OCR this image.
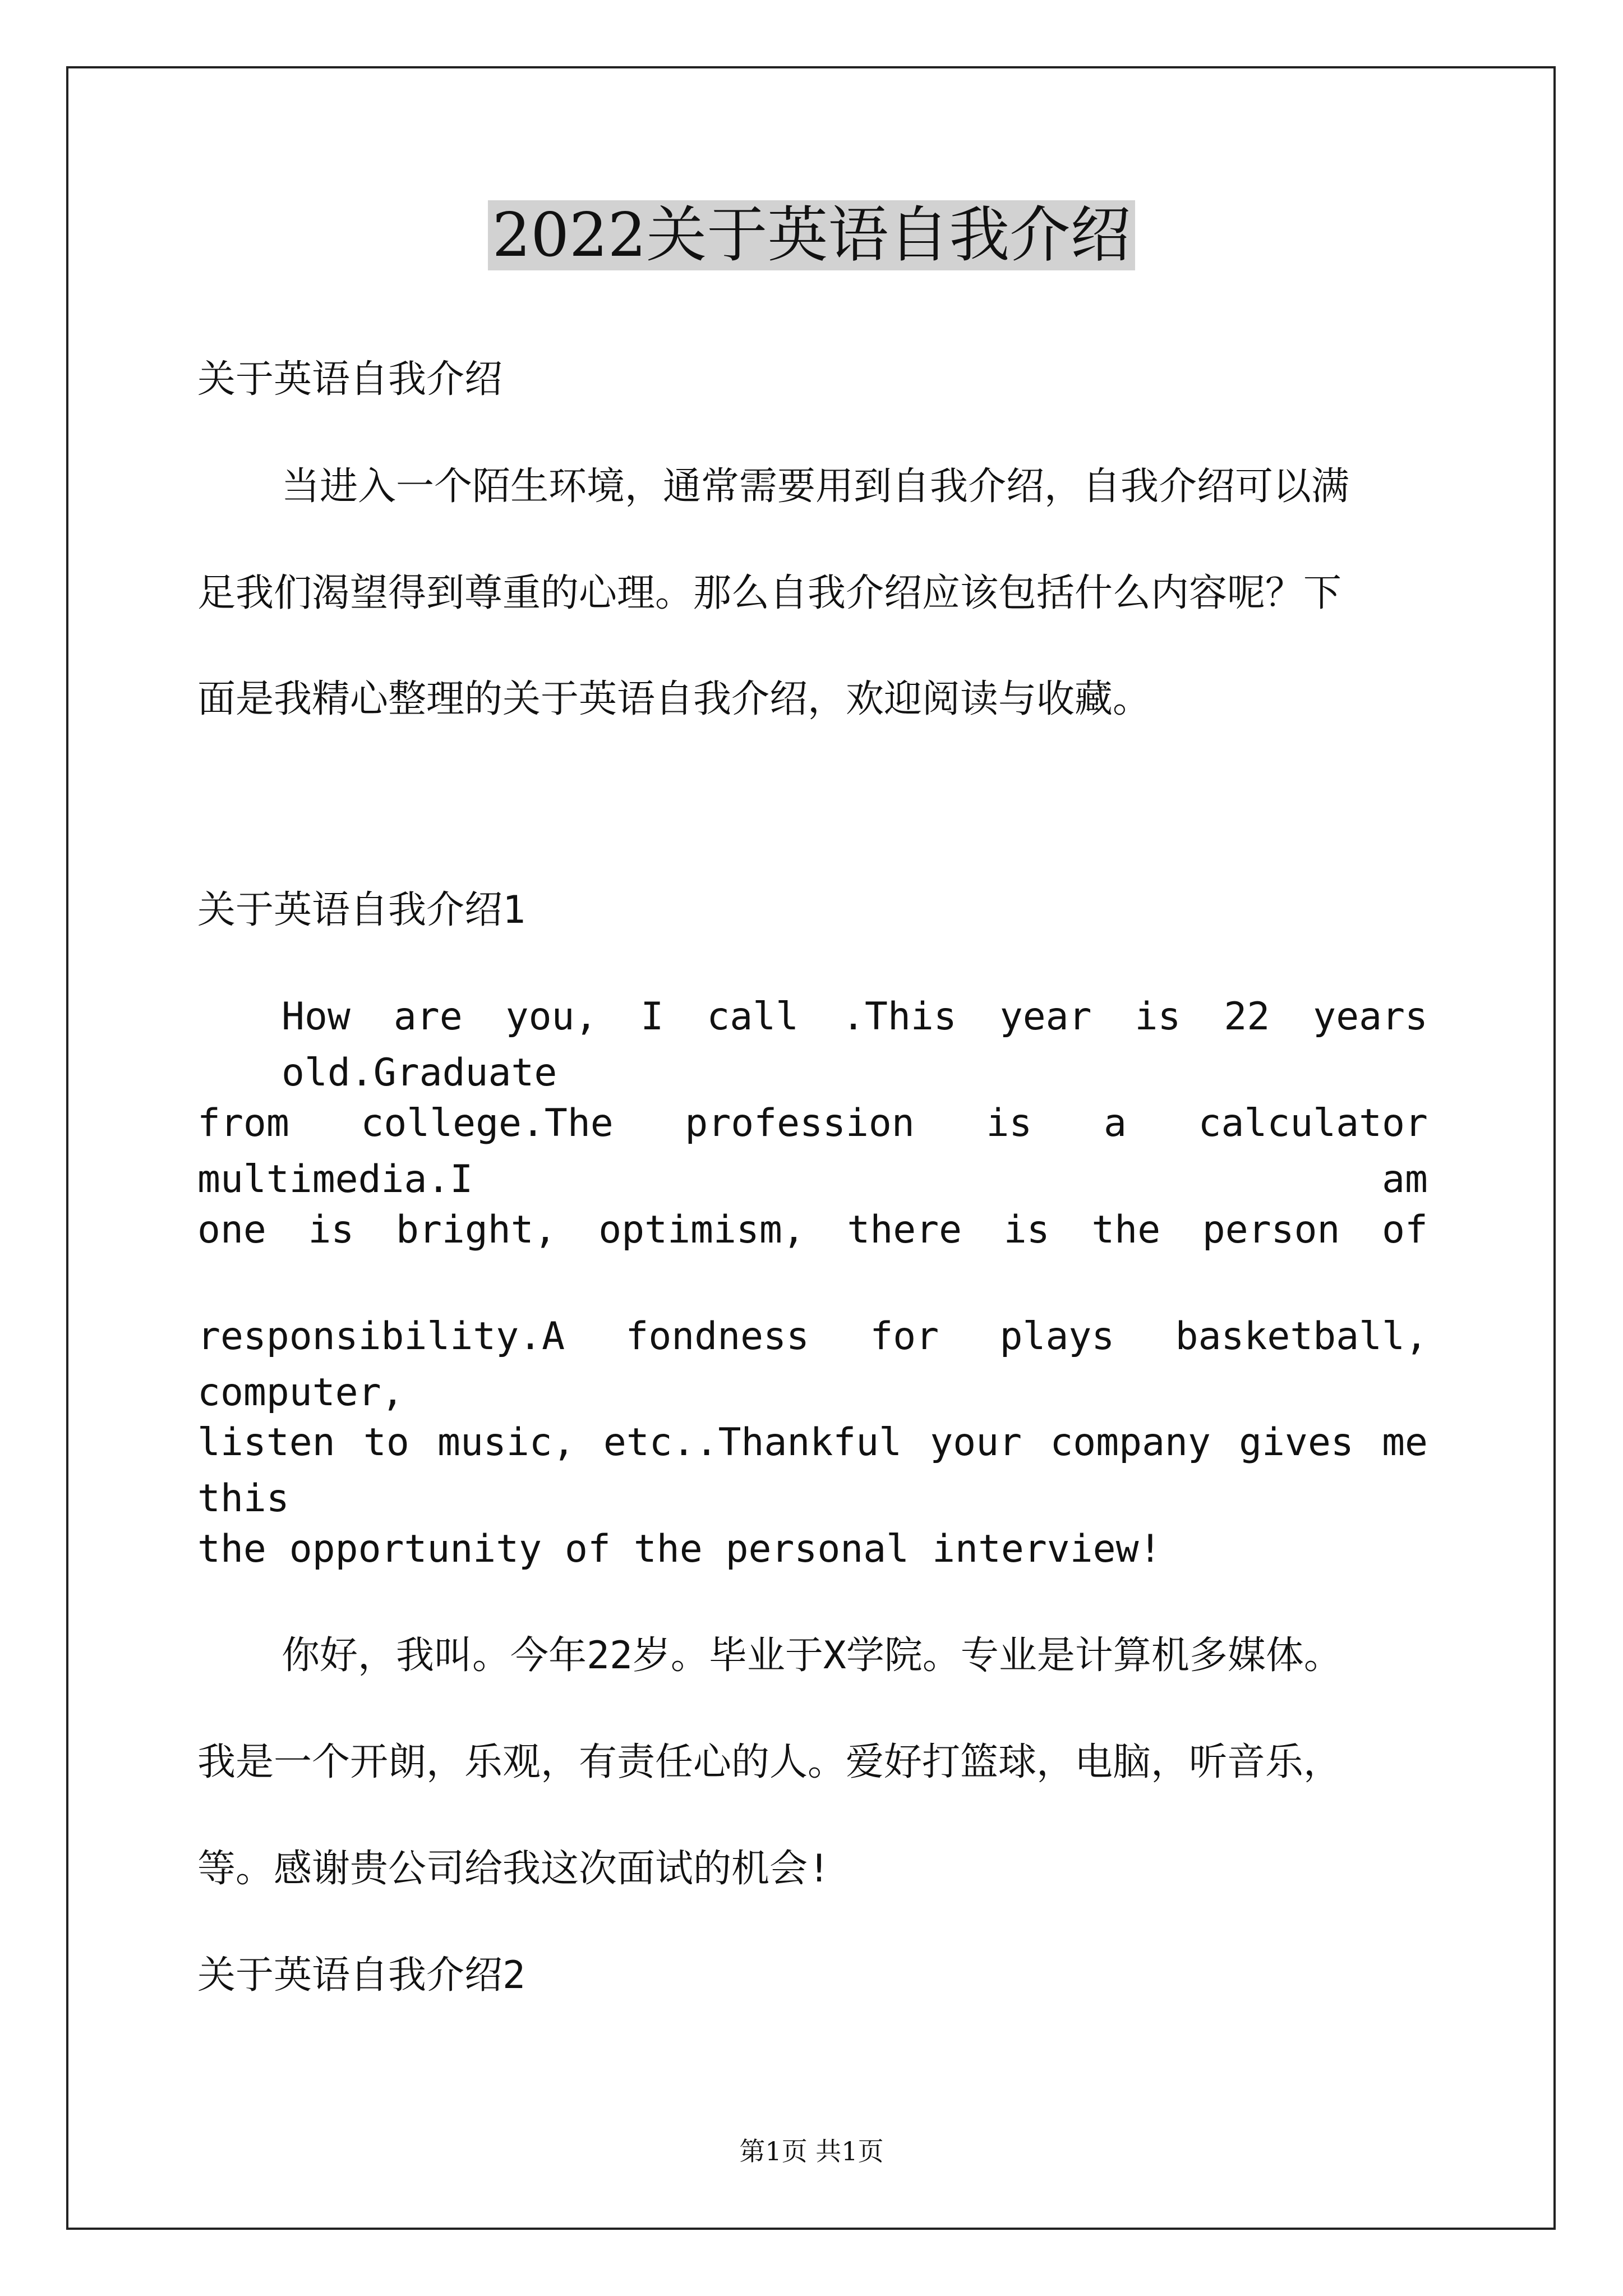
2022关于英语自我介绍
关于英语自我介绍
当进入一个陌生环境，通常需要用到自我介绍，自我介绍可以满
足我们渴望得到尊重的心理。那么自我介绍应该包括什么内容呢？下
面是我精心整理的关于英语自我介绍，欢迎阅读与收藏。
关于英语自我介绍1
How are you, I call .This year is 22 years old.Graduate
from college.The profession is a calculator multimedia.I am
one is bright, optimism, there is the person of
responsibility.A fondness for plays basketball, computer,
listen to music, etc..Thankful your company gives me this
the opportunity of the personal interview!
你好，我叫。今年22岁。毕业于X学院。专业是计算机多媒体。
我是一个开朗，乐观，有责任心的人。爱好打篮球，电脑，听音乐，
等。感谢贵公司给我这次面试的机会!
关于英语自我介绍2
第1页 共1页
